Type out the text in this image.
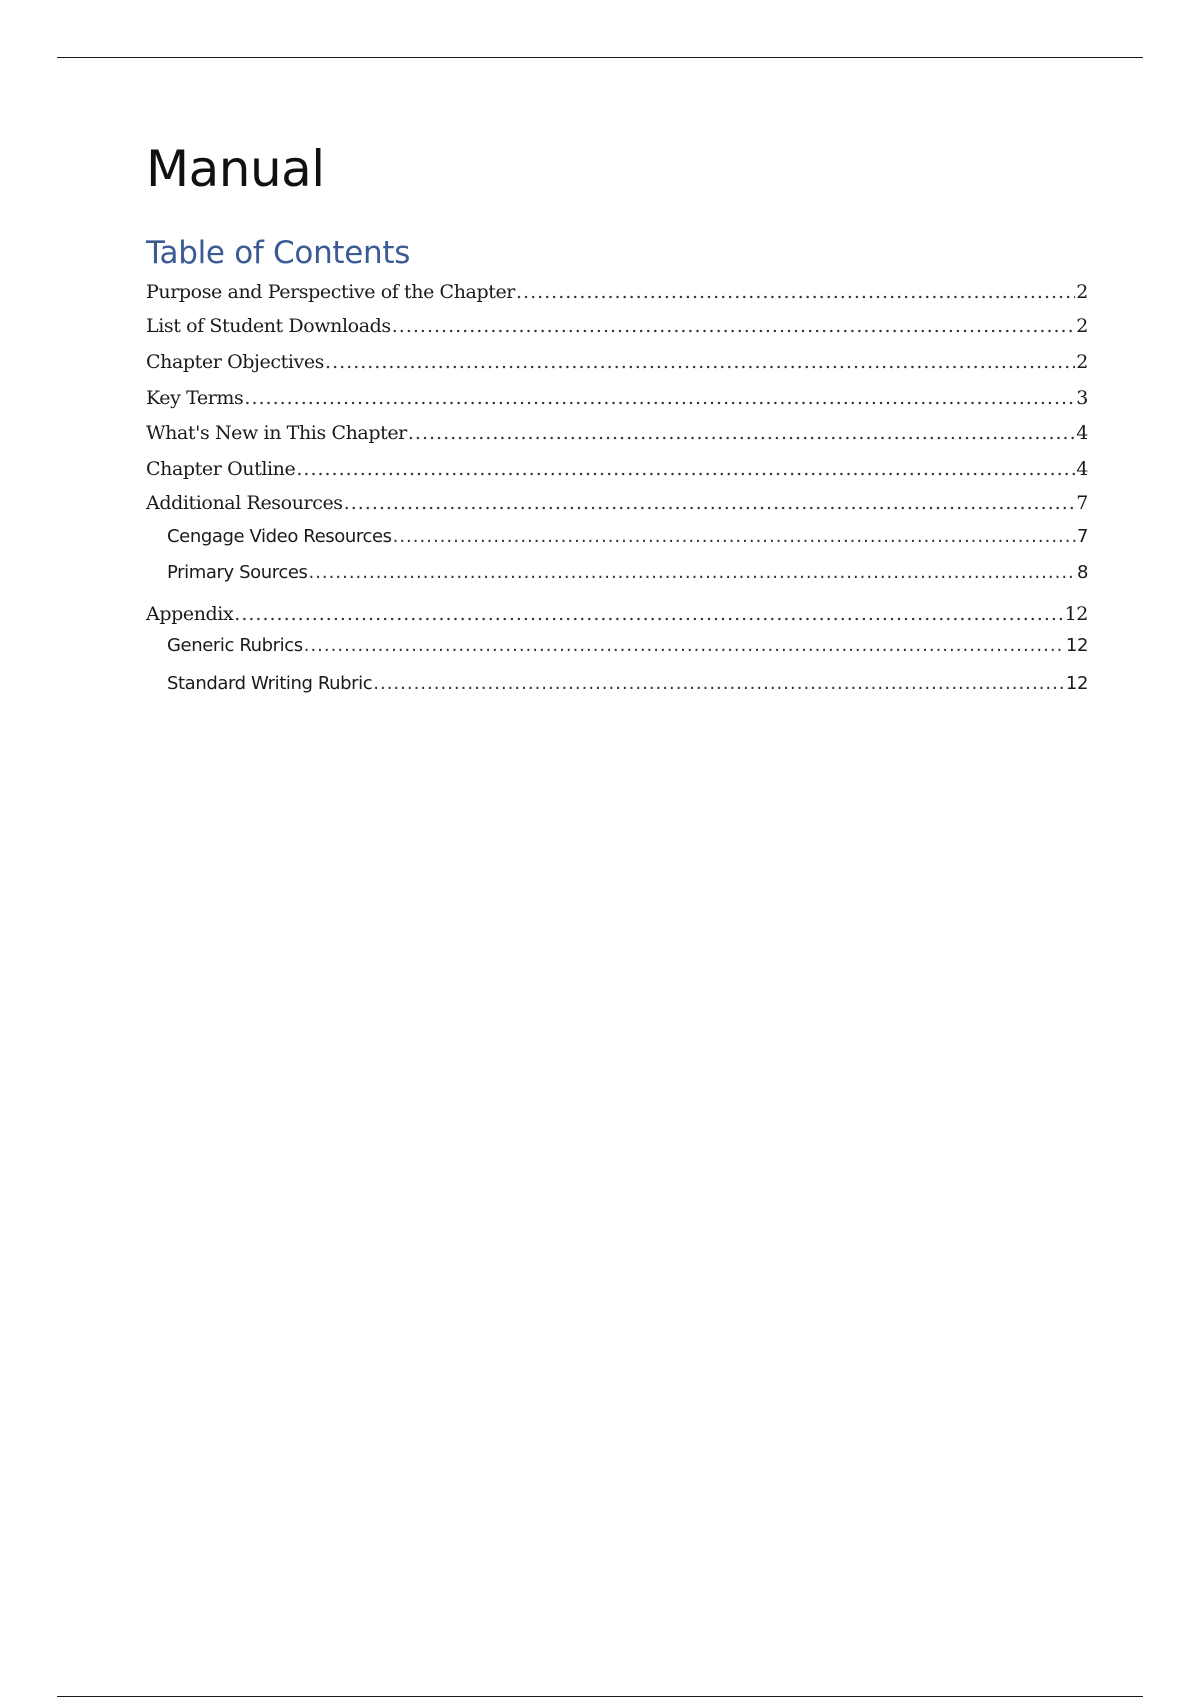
Manual
Table of Contents
Purpose and Perspective of the Chapter .....	2
List of Student Downloads .....	2
Chapter Objectives .....	2
Key Terms .....	3
What's New in This Chapter .....	4
Chapter Outline .....	4
Additional Resources .....	7
Cengage Video Resources .....	7
Primary Sources .....	8
Appendix .....	12
Generic Rubrics .....	12
Standard Writing Rubric .....	12
